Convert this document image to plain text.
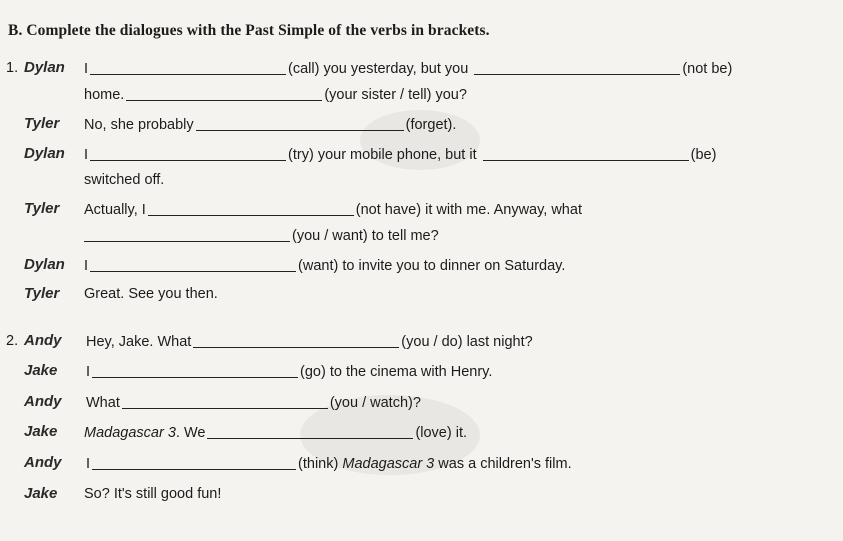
B. Complete the dialogues with the Past Simple of the verbs in brackets.
1. Dylan I	(call) you yesterday, but you	(not be)
home.	(your sister / tell) you?
Tyler No, she probably	(forget).
Dylan I	(try) your mobile phone, but it	(be)
switched off.
Tyler Actually, I	(not have) it with me. Anyway, what
(you / want) to tell me?
Dylan I	(want) to invite you to dinner on Saturday.
Tyler Great. See you then.
2. Andy Hey, Jake. What	(you / do) last night?
Jake I	(go) to the cinema with Henry.
Andy What	(you / watch)?
Jake Madagascar 3. We	(love) it.
Andy I	(think) Madagascar 3 was a children's film.
Jake So? It's still good fun!
